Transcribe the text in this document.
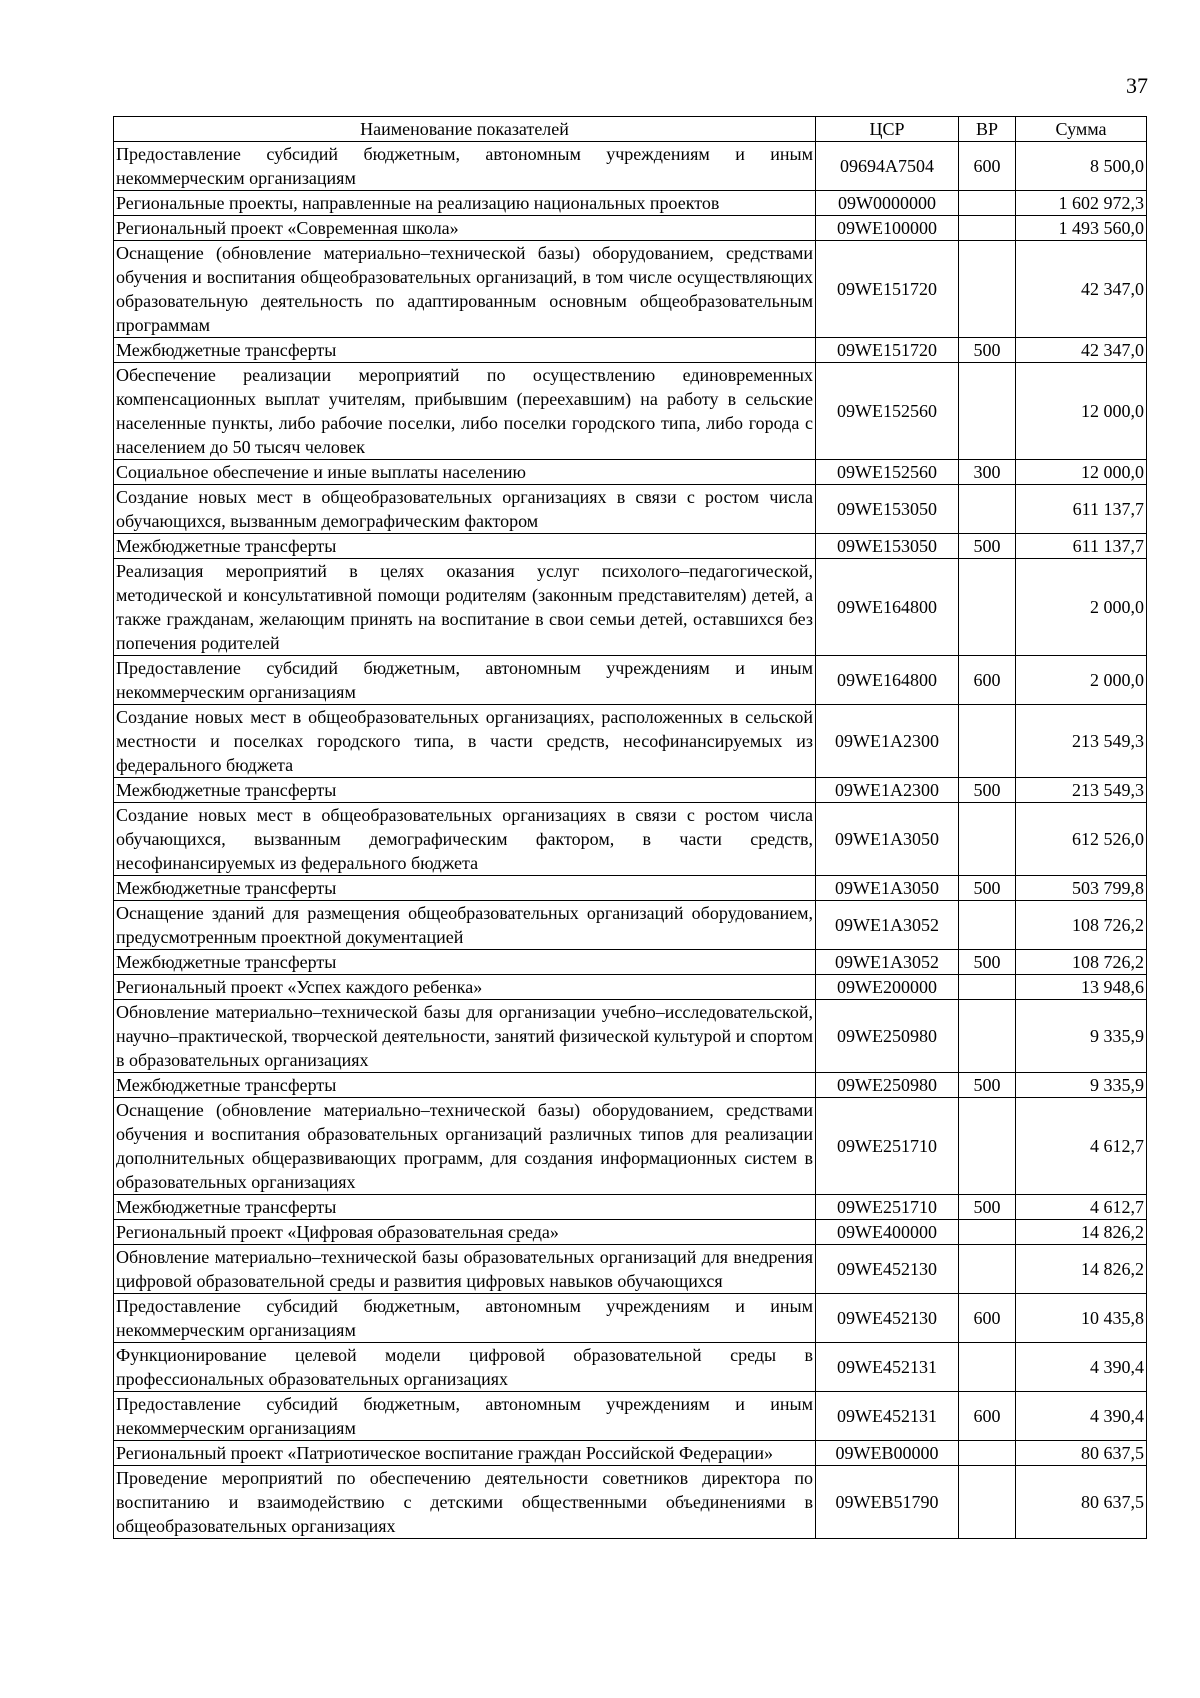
37
Наименование показателей	ЦСР	ВР	Сумма
Предоставление субсидий бюджетным, автономным учреждениям и иным некоммерческим организациям	09694А7504	600	8 500,0
Региональные проекты, направленные на реализацию национальных проектов	09W0000000		1 602 972,3
Региональный проект «Современная школа»	09WЕ100000		1 493 560,0
Оснащение (обновление материально–технической базы) оборудованием, средствами обучения и воспитания общеобразовательных организаций, в том числе осуществляющих образовательную деятельность по адаптированным основным общеобразовательным программам	09WЕ151720		42 347,0
Межбюджетные трансферты	09WЕ151720	500	42 347,0
Обеспечение реализации мероприятий по осуществлению единовременных компенсационных выплат учителям, прибывшим (переехавшим) на работу в сельские населенные пункты, либо рабочие поселки, либо поселки городского типа, либо города с населением до 50 тысяч человек	09WЕ152560		12 000,0
Социальное обеспечение и иные выплаты населению	09WЕ152560	300	12 000,0
Создание новых мест в общеобразовательных организациях в связи с ростом числа обучающихся, вызванным демографическим фактором	09WЕ153050		611 137,7
Межбюджетные трансферты	09WЕ153050	500	611 137,7
Реализация мероприятий в целях оказания услуг психолого–педагогической, методической и консультативной помощи родителям (законным представителям) детей, а также гражданам, желающим принять на воспитание в свои семьи детей, оставшихся без попечения родителей	09WЕ164800		2 000,0
Предоставление субсидий бюджетным, автономным учреждениям и иным некоммерческим организациям	09WЕ164800	600	2 000,0
Создание новых мест в общеобразовательных организациях, расположенных в сельской местности и поселках городского типа, в части средств, несофинансируемых из федерального бюджета	09WЕ1А2300		213 549,3
Межбюджетные трансферты	09WЕ1А2300	500	213 549,3
Создание новых мест в общеобразовательных организациях в связи с ростом числа обучающихся, вызванным демографическим фактором, в части средств, несофинансируемых из федерального бюджета	09WЕ1А3050		612 526,0
Межбюджетные трансферты	09WЕ1А3050	500	503 799,8
Оснащение зданий для размещения общеобразовательных организаций оборудованием, предусмотренным проектной документацией	09WЕ1А3052		108 726,2
Межбюджетные трансферты	09WЕ1А3052	500	108 726,2
Региональный проект «Успех каждого ребенка»	09WЕ200000		13 948,6
Обновление материально–технической базы для организации учебно–исследовательской, научно–практической, творческой деятельности, занятий физической культурой и спортом в образовательных организациях	09WЕ250980		9 335,9
Межбюджетные трансферты	09WЕ250980	500	9 335,9
Оснащение (обновление материально–технической базы) оборудованием, средствами обучения и воспитания образовательных организаций различных типов для реализации дополнительных общеразвивающих программ, для создания информационных систем в образовательных организациях	09WЕ251710		4 612,7
Межбюджетные трансферты	09WЕ251710	500	4 612,7
Региональный проект «Цифровая образовательная среда»	09WЕ400000		14 826,2
Обновление материально–технической базы образовательных организаций для внедрения цифровой образовательной среды и развития цифровых навыков обучающихся	09WЕ452130		14 826,2
Предоставление субсидий бюджетным, автономным учреждениям и иным некоммерческим организациям	09WЕ452130	600	10 435,8
Функционирование целевой модели цифровой образовательной среды в профессиональных образовательных организациях	09WЕ452131		4 390,4
Предоставление субсидий бюджетным, автономным учреждениям и иным некоммерческим организациям	09WЕ452131	600	4 390,4
Региональный проект «Патриотическое воспитание граждан Российской Федерации»	09WЕВ00000		80 637,5
Проведение мероприятий по обеспечению деятельности советников директора по воспитанию и взаимодействию с детскими общественными объединениями в общеобразовательных организациях	09WЕВ51790		80 637,5
